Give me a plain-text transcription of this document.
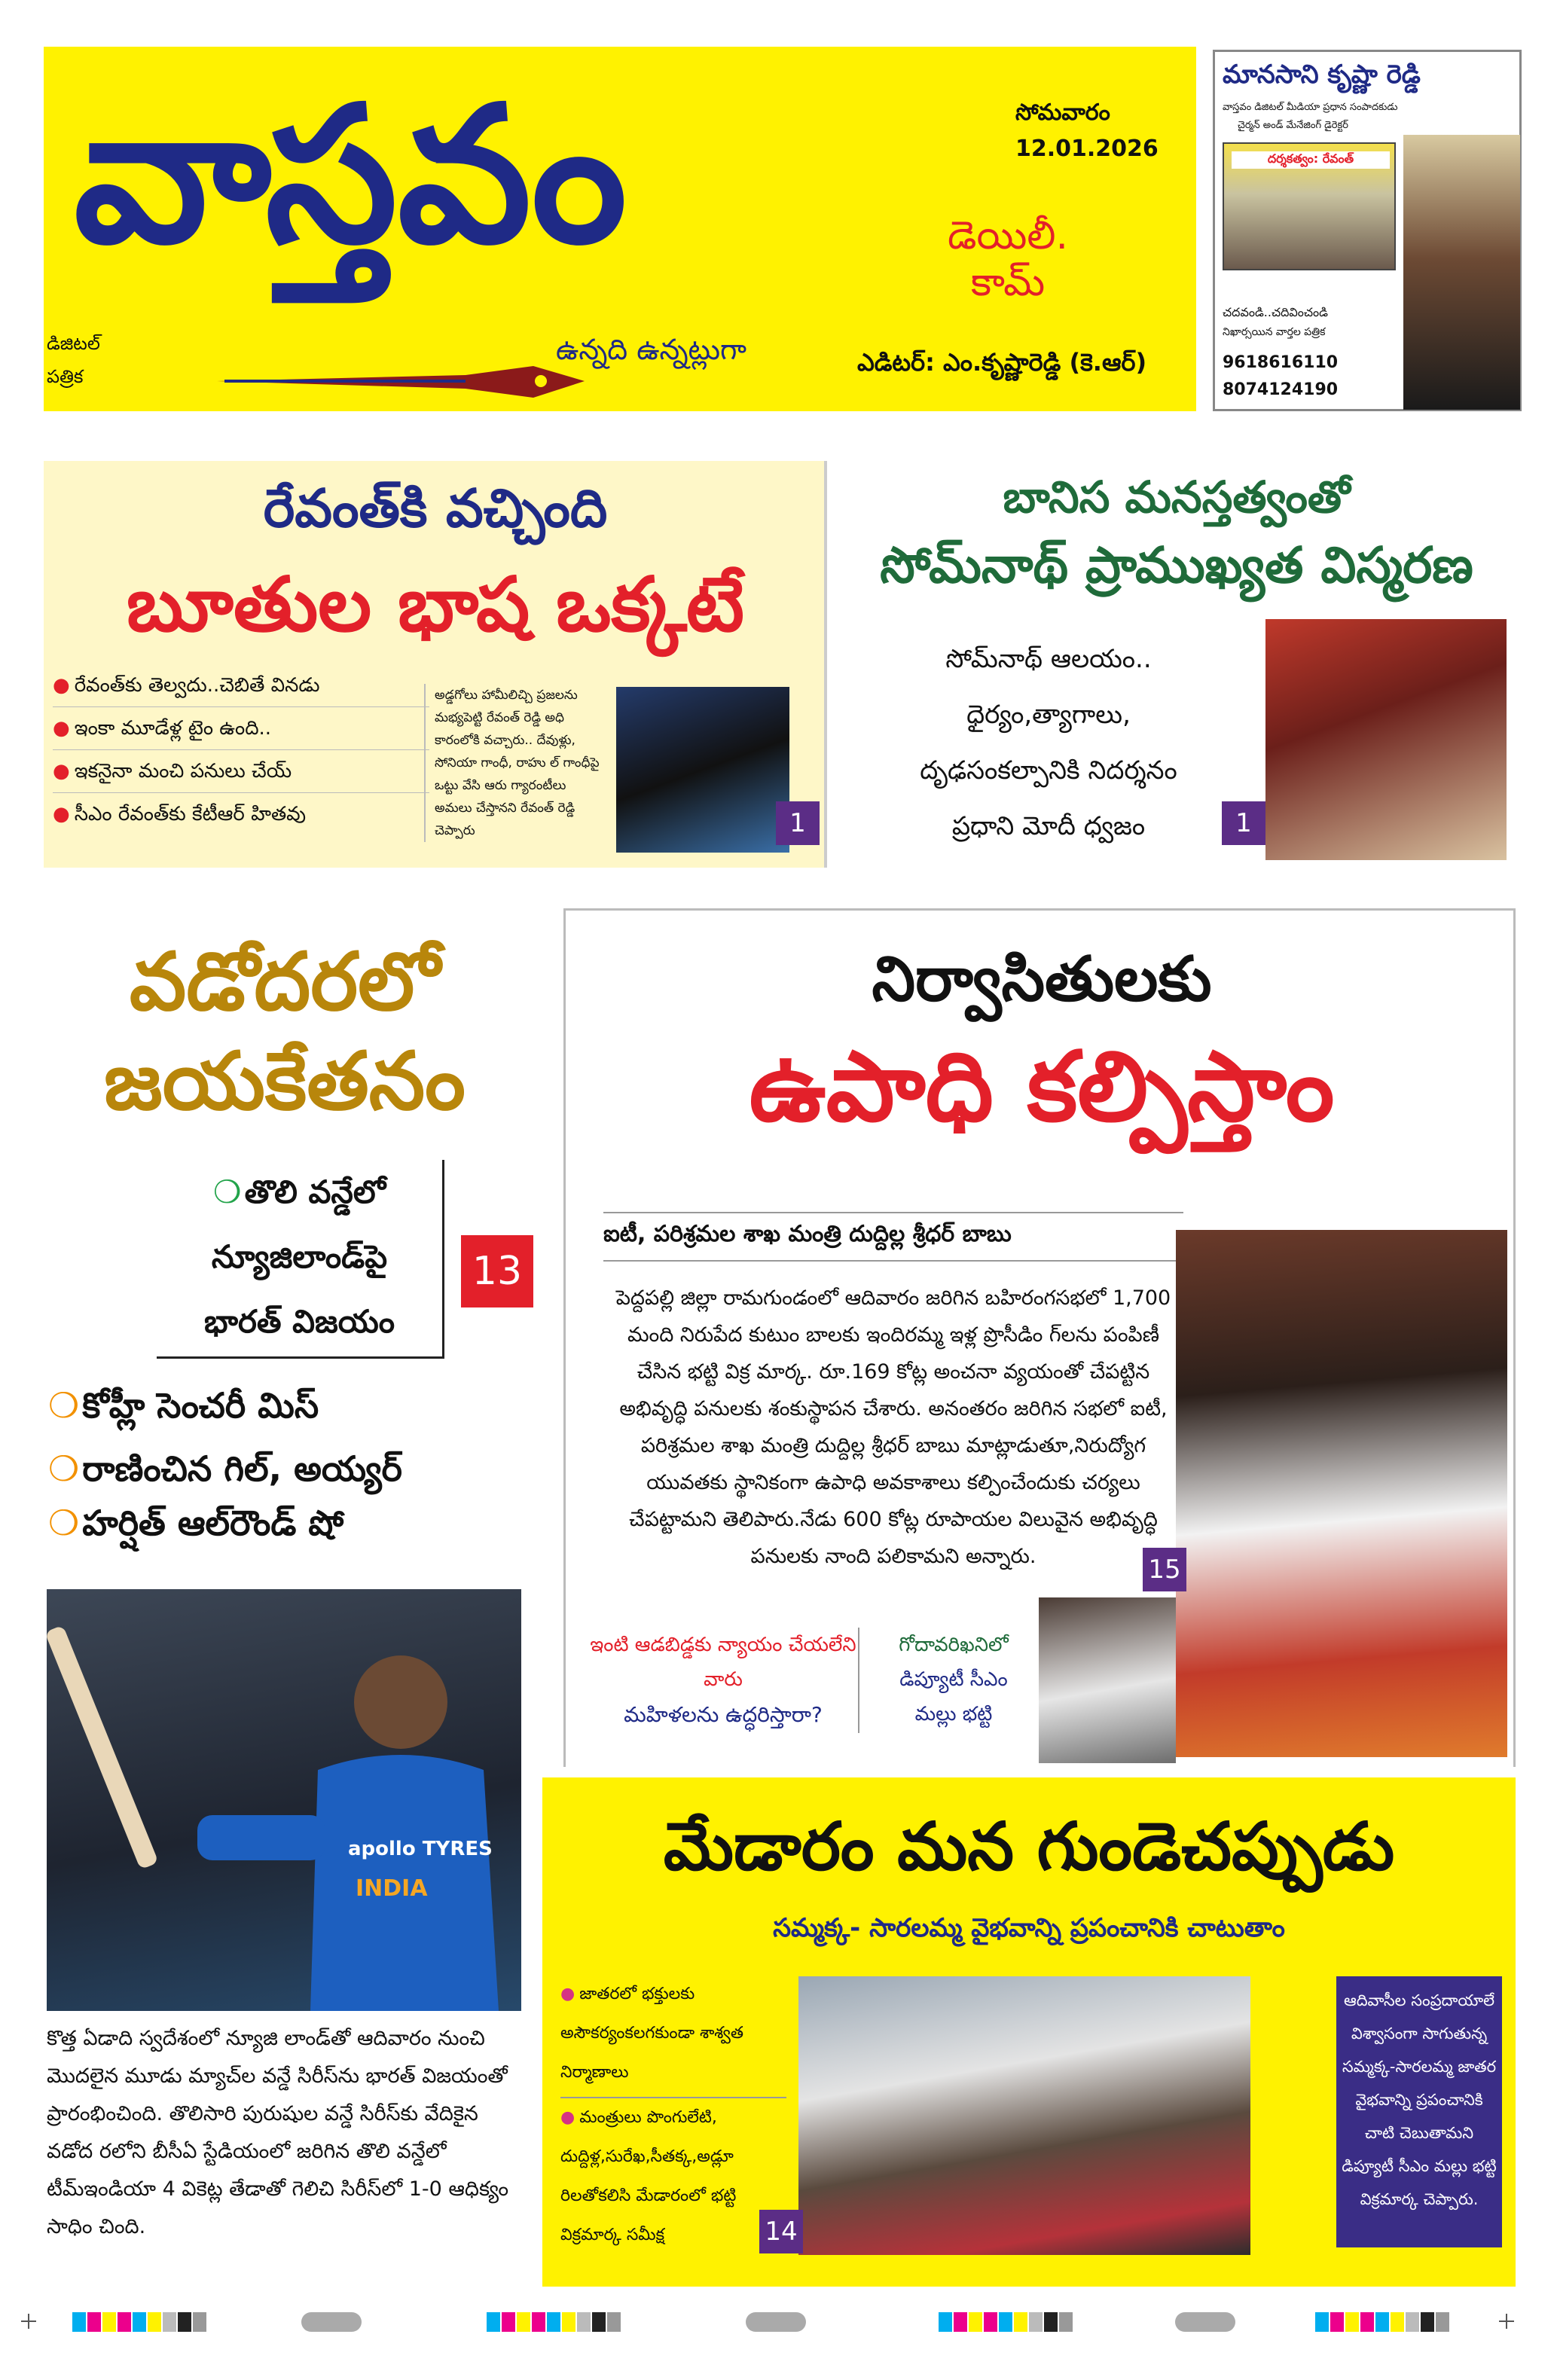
వాస్తవం	డెయిలీ. కామ్
ఉన్నది ఉన్నట్లుగా
డిజిటల్
పత్రిక
సోమవారం
12.01.2026
ఎడిటర్: ఎం.కృష్ణారెడ్డి (కె.ఆర్)
మానసాని కృష్ణా రెడ్డి
వాస్తవం డిజిటల్ మీడియా ప్రధాన సంపాదకుడు
చైర్మన్ అండ్ మేనేజింగ్ డైరెక్టర్
దర్శకత్వం: రేవంత్
చదవండి..చదివించండి
నిఖార్సయిన వార్తల పత్రిక
9618616110
8074124190
రేవంత్‌కి వచ్చింది
బూతుల భాష ఒక్కటే
● రేవంత్‌కు తెల్వదు..చెబితే వినడు
● ఇంకా మూడేళ్ల టైం ఉంది..
● ఇకనైనా మంచి పనులు చేయ్
● సీఎం రేవంత్‌కు కేటీఆర్ హితవు
అడ్డగోలు హామీలిచ్చి ప్రజలను మభ్యపెట్టి రేవంత్ రెడ్డి అధి కారంలోకి వచ్చారు.. దేవుళ్లు, సోనియా గాంధీ, రాహు ల్ గాంధీపై ఒట్టు వేసి ఆరు గ్యారంటీలు అమలు చేస్తానని రేవంత్ రెడ్డి చెప్పారు	1
బానిస మనస్తత్వంతో
సోమ్‌నాథ్ ప్రాముఖ్యత విస్మరణ
సోమ్‌నాథ్ ఆలయం..
ధైర్యం,త్యాగాలు,
దృఢసంకల్పానికి నిదర్శనం
ప్రధాని మోదీ ధ్వజం	1
వడోదరలో
జయకేతనం
❍ తొలి వన్డేలో
న్యూజిలాండ్‌పై
భారత్ విజయం
13
❍ కోహ్లీ సెంచరీ మిస్
❍ రాణించిన గిల్, అయ్యర్
❍ హర్షిత్ ఆల్‌రౌండ్ షో
apollo TYRES
INDIA
కొత్త ఏడాది స్వదేశంలో న్యూజి లాండ్‌తో ఆదివారం నుంచి మొదలైన మూడు మ్యాచ్‌ల వన్డే సిరీస్‌ను భారత్ విజయంతో ప్రారంభించింది. తొలిసారి పురుషుల వన్డే సిరీస్‌కు వేదికైన వడోద రలోని బీసీఏ స్టేడియంలో జరిగిన తొలి వన్డేలో టీమ్‌ఇండియా 4 వికెట్ల తేడాతో గెలిచి సిరీస్‌లో 1-0 ఆధిక్యం సాధిం చింది.
నిర్వాసితులకు
ఉపాధి కల్పిస్తాం
ఐటీ, పరిశ్రమల శాఖ మంత్రి దుద్దిల్ల శ్రీధర్ బాబు
పెద్దపల్లి జిల్లా రామగుండంలో ఆదివారం జరిగిన బహిరంగసభలో 1,700 మంది నిరుపేద కుటుం బాలకు ఇందిరమ్మ ఇళ్ల ప్రొసీడిం గ్‌లను పంపిణీ చేసిన భట్టి విక్ర మార్క. రూ.169 కోట్ల అంచనా వ్యయంతో చేపట్టిన అభివృద్ధి పనులకు శంకుస్థాపన చేశారు. అనంతరం జరిగిన సభలో ఐటీ, పరిశ్రమల శాఖ మంత్రి దుద్దిల్ల శ్రీధర్ బాబు మాట్లాడుతూ,నిరుద్యోగ యువతకు స్థానికంగా ఉపాధి అవకాశాలు కల్పించేందుకు చర్యలు చేపట్టామని తెలిపారు.నేడు 600 కోట్ల రూపాయల విలువైన అభివృద్ధి పనులకు నాంది పలికామని అన్నారు.	15
ఇంటి ఆడబిడ్డకు న్యాయం చేయలేని వారు
మహిళలను ఉద్ధరిస్తారా?
గోదావరిఖనిలో
డిప్యూటీ సీఎం
మల్లు భట్టి
మేడారం మన గుండెచప్పుడు
సమ్మక్క- సారలమ్మ వైభవాన్ని ప్రపంచానికి చాటుతాం
● జాతరలో భక్తులకు అసౌకర్యంకలగకుండా శాశ్వత నిర్మాణాలు
● మంత్రులు పొంగులేటి, దుద్దిళ్ల,సురేఖ,సీతక్క,అడ్లూ రిలతోకలిసి మేడారంలో భట్టి విక్రమార్క సమీక్ష	14
ఆదివాసీల సంప్రదాయాలే విశ్వాసంగా సాగుతున్న సమ్మక్క-సారలమ్మ జాతర వైభవాన్ని ప్రపంచానికి చాటి చెబుతామని డిప్యూటీ సీఎం మల్లు భట్టి విక్రమార్క చెప్పారు.
